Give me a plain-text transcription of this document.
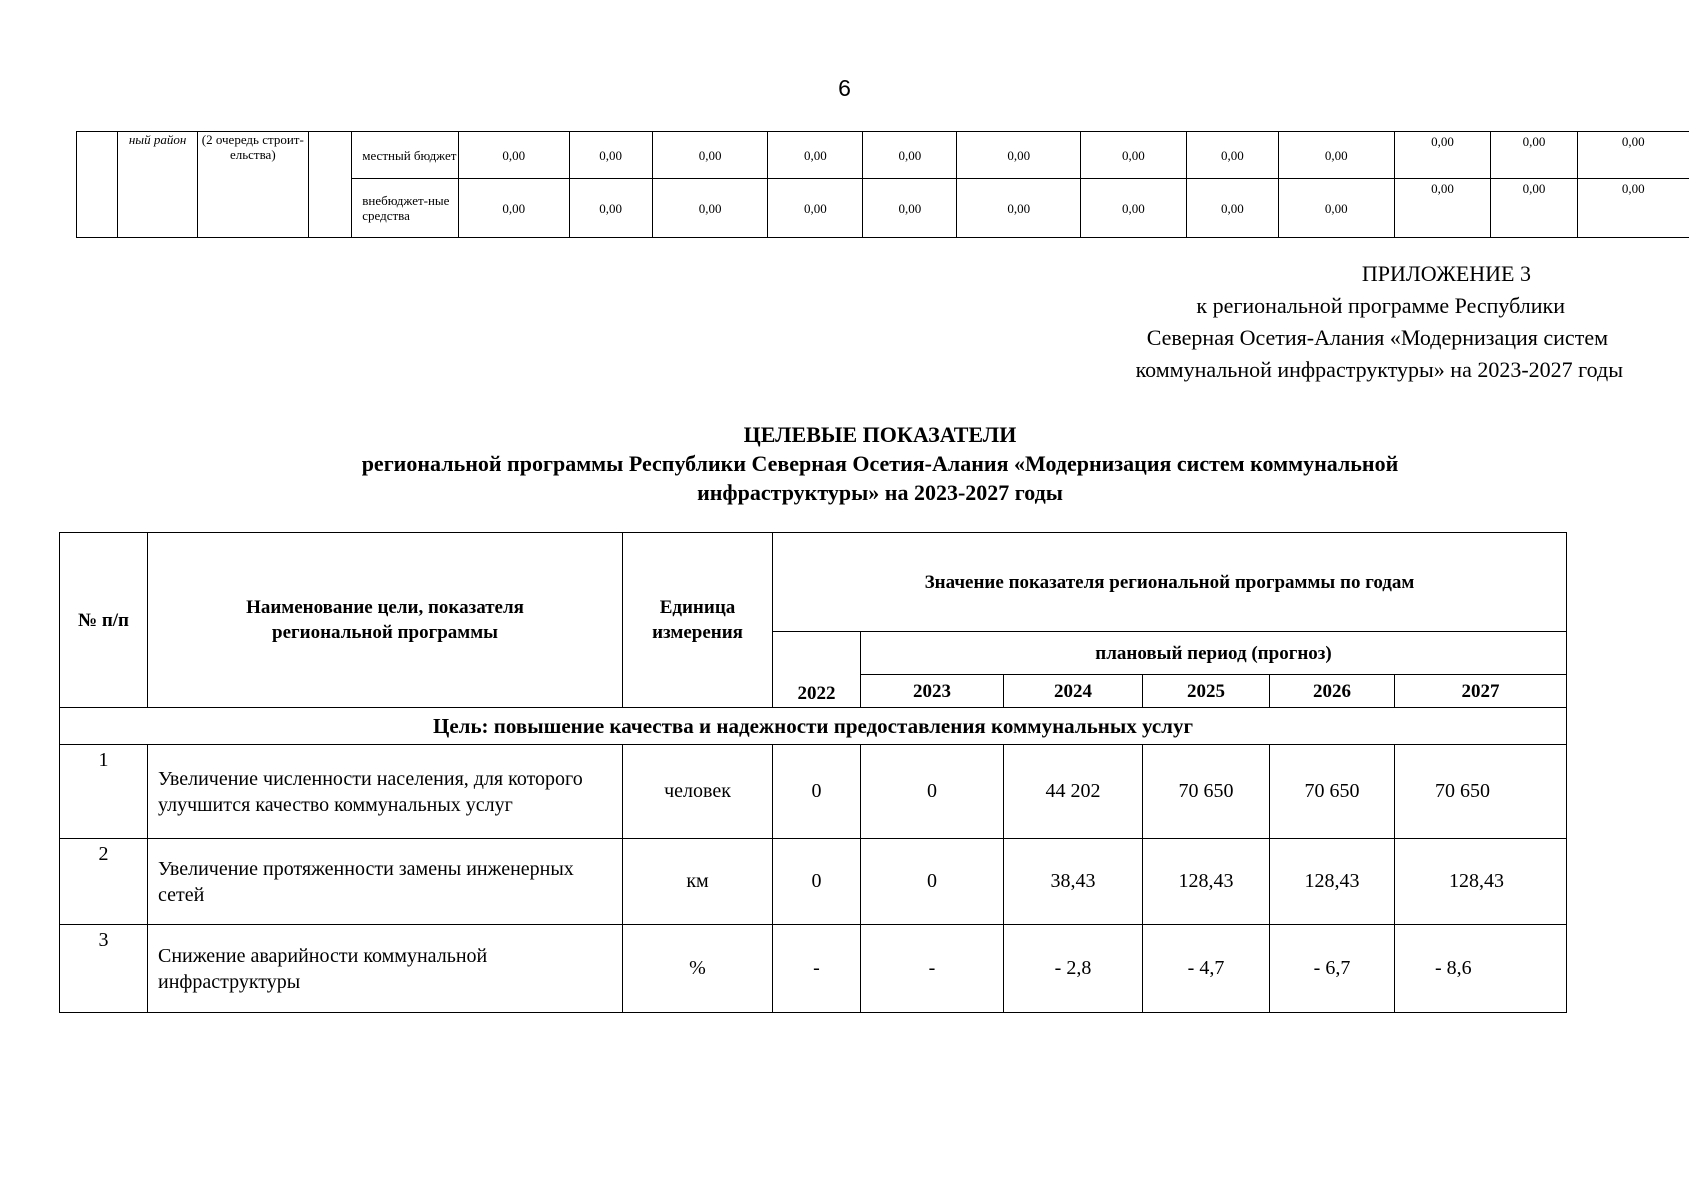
6
	ный район	(2 очередь строит-ельства)		местный бюджет	0,00	0,00	0,00	0,00	0,00	0,00	0,00	0,00	0,00	0,00	0,00	0,00
				внебюджет-ные средства	0,00	0,00	0,00	0,00	0,00	0,00	0,00	0,00	0,00	0,00	0,00	0,00
ПРИЛОЖЕНИЕ 3
к региональной программе Республики
Северная Осетия-Алания «Модернизация систем
коммунальной инфраструктуры» на 2023-2027 годы
ЦЕЛЕВЫЕ ПОКАЗАТЕЛИ
региональной программы Республики Северная Осетия-Алания «Модернизация систем коммунальной
инфраструктуры» на 2023-2027 годы
№ п/п	Наименование цели, показателя региональной программы	Единица измерения	Значение показателя региональной программы по годам					
			2022	плановый период (прогноз)				
				2023	2024	2025	2026	2027
Цель: повышение качества и надежности предоставления коммунальных услуг								
1	Увеличение численности населения, для которого улучшится качество коммунальных услуг	человек	0	0	44 202	70 650	70 650	70 650
2	Увеличение протяженности замены инженерных сетей	км	0	0	38,43	128,43	128,43	128,43
3	Снижение аварийности коммунальной инфраструктуры	%	-	-	- 2,8	- 4,7	- 6,7	- 8,6
